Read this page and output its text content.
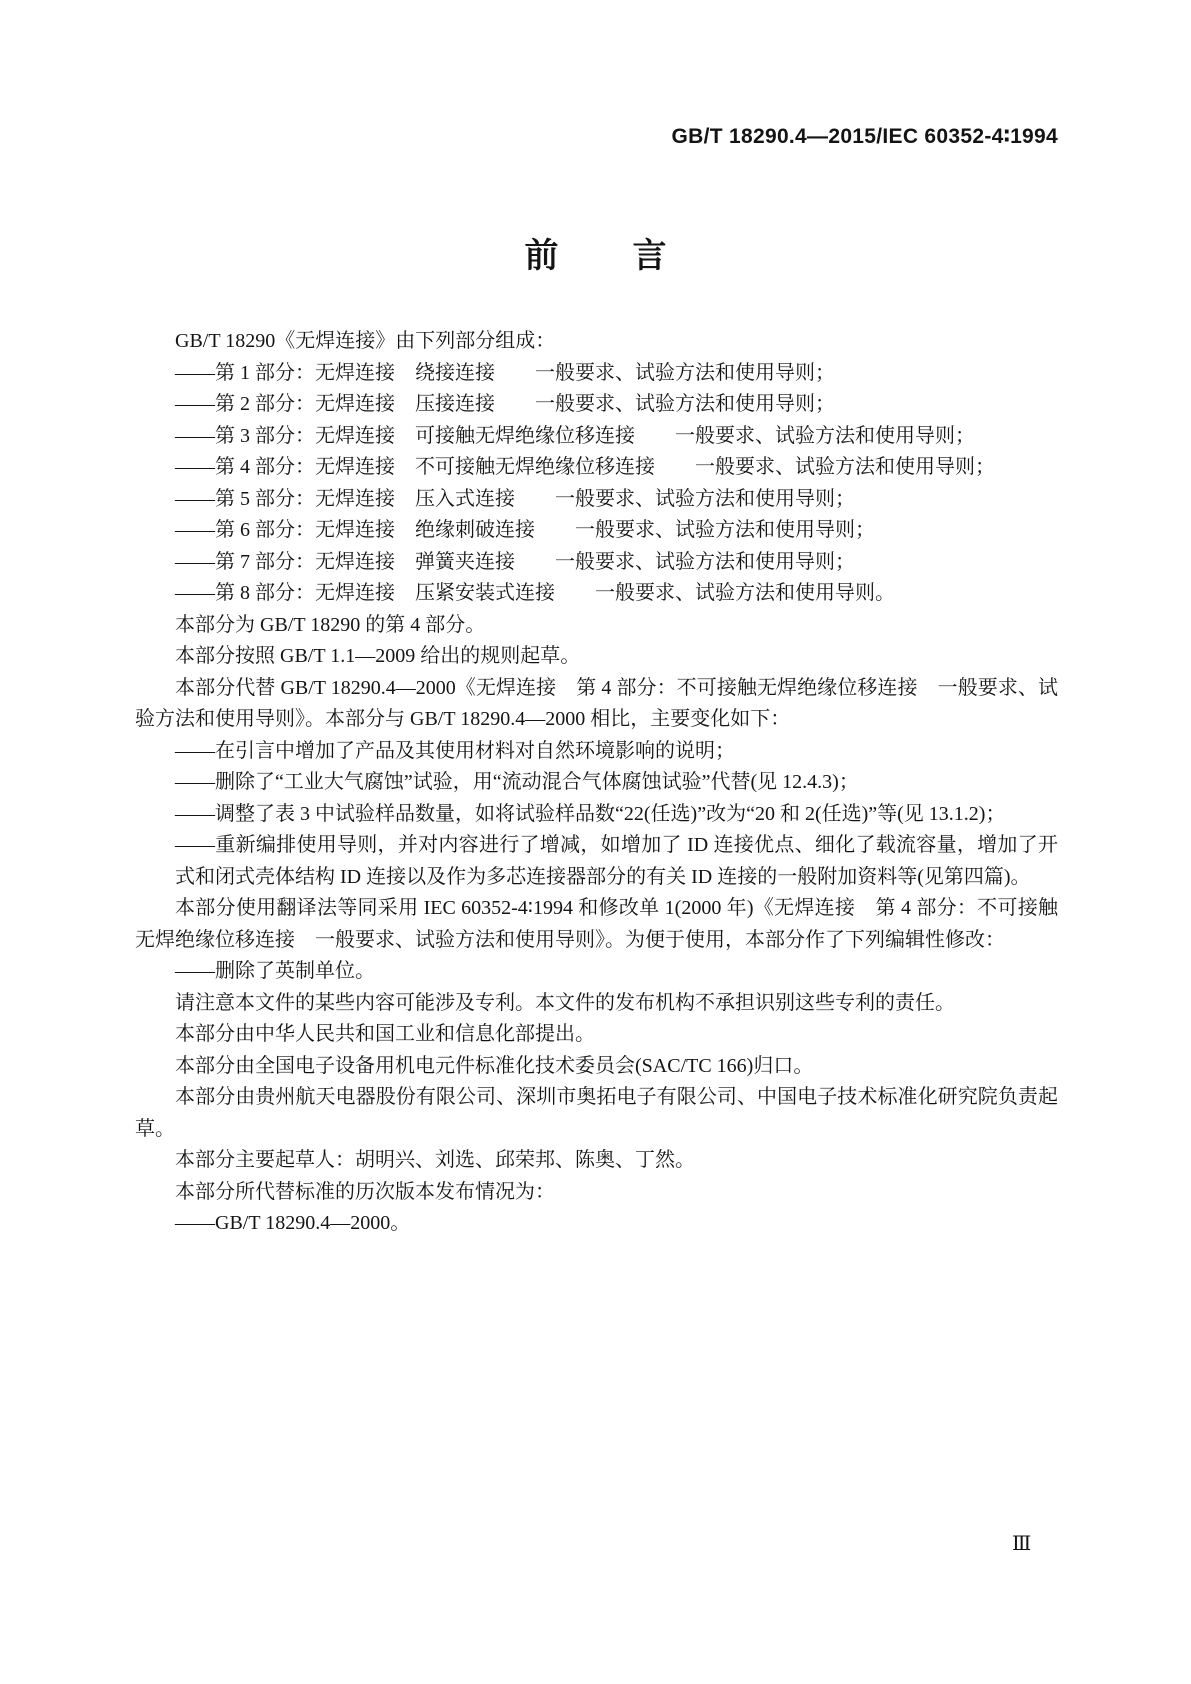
GB/T 18290.4—2015/IEC 60352-4∶1994
前　　言

GB/T 18290《无焊连接》由下列部分组成：

——第 1 部分：无焊连接　绕接连接　　一般要求、试验方法和使用导则；

——第 2 部分：无焊连接　压接连接　　一般要求、试验方法和使用导则；

——第 3 部分：无焊连接　可接触无焊绝缘位移连接　　一般要求、试验方法和使用导则；

——第 4 部分：无焊连接　不可接触无焊绝缘位移连接　　一般要求、试验方法和使用导则；

——第 5 部分：无焊连接　压入式连接　　一般要求、试验方法和使用导则；

——第 6 部分：无焊连接　绝缘刺破连接　　一般要求、试验方法和使用导则；

——第 7 部分：无焊连接　弹簧夹连接　　一般要求、试验方法和使用导则；

——第 8 部分：无焊连接　压紧安装式连接　　一般要求、试验方法和使用导则。

本部分为 GB/T 18290 的第 4 部分。

本部分按照 GB/T 1.1—2009 给出的规则起草。

本部分代替 GB/T 18290.4—2000《无焊连接　第 4 部分：不可接触无焊绝缘位移连接　一般要求、试验方法和使用导则》。本部分与 GB/T 18290.4—2000 相比，主要变化如下：

——在引言中增加了产品及其使用材料对自然环境影响的说明；

——删除了“工业大气腐蚀”试验，用“流动混合气体腐蚀试验”代替(见 12.4.3)；

——调整了表 3 中试验样品数量，如将试验样品数“22(任选)”改为“20 和 2(任选)”等(见 13.1.2)；

——重新编排使用导则，并对内容进行了增减，如增加了 ID 连接优点、细化了载流容量，增加了开式和闭式壳体结构 ID 连接以及作为多芯连接器部分的有关 ID 连接的一般附加资料等(见第四篇)。

本部分使用翻译法等同采用 IEC 60352-4∶1994 和修改单 1(2000 年)《无焊连接　第 4 部分：不可接触无焊绝缘位移连接　一般要求、试验方法和使用导则》。为便于使用，本部分作了下列编辑性修改：

——删除了英制单位。

请注意本文件的某些内容可能涉及专利。本文件的发布机构不承担识别这些专利的责任。

本部分由中华人民共和国工业和信息化部提出。

本部分由全国电子设备用机电元件标准化技术委员会(SAC/TC 166)归口。

本部分由贵州航天电器股份有限公司、深圳市奥拓电子有限公司、中国电子技术标准化研究院负责起草。

本部分主要起草人：胡明兴、刘选、邱荣邦、陈奥、丁然。

本部分所代替标准的历次版本发布情况为：

——GB/T 18290.4—2000。

Ⅲ
